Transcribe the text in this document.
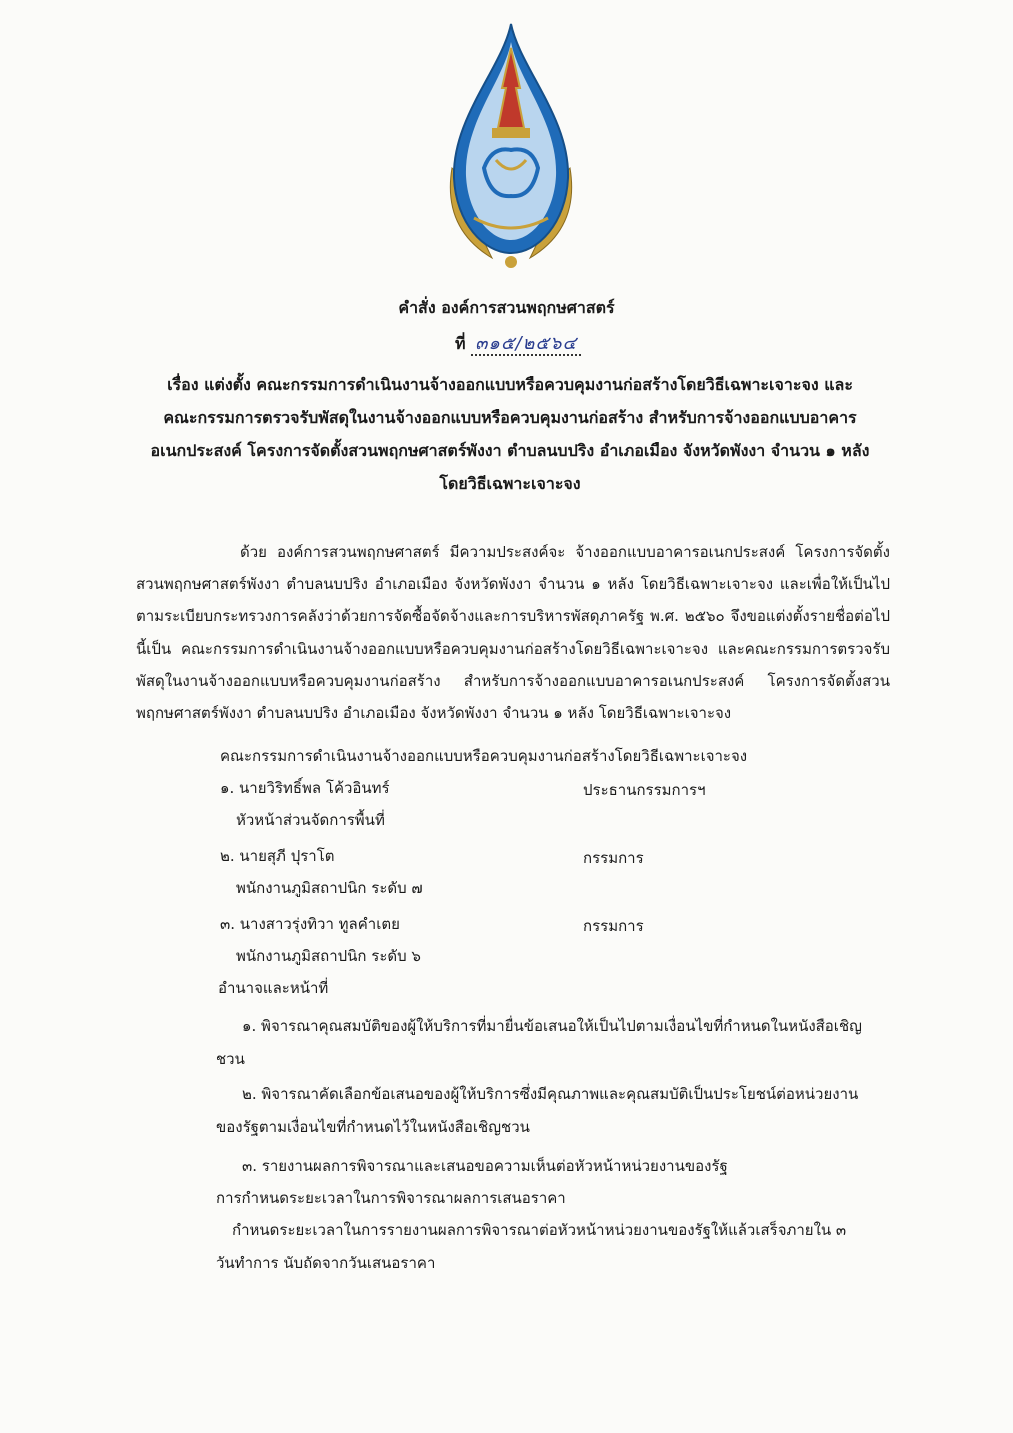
คำสั่ง องค์การสวนพฤกษศาสตร์
ที่ ๓๑๕/๒๕๖๔
เรื่อง แต่งตั้ง คณะกรรมการดำเนินงานจ้างออกแบบหรือควบคุมงานก่อสร้างโดยวิธีเฉพาะเจาะจง และ คณะกรรมการตรวจรับพัสดุในงานจ้างออกแบบหรือควบคุมงานก่อสร้าง สำหรับการจ้างออกแบบอาคาร อเนกประสงค์ โครงการจัดตั้งสวนพฤกษศาสตร์พังงา ตำบลนบปริง อำเภอเมือง จังหวัดพังงา จำนวน ๑ หลัง โดยวิธีเฉพาะเจาะจง
ด้วย องค์การสวนพฤกษศาสตร์ มีความประสงค์จะ จ้างออกแบบอาคารอเนกประสงค์ โครงการจัดตั้งสวนพฤกษศาสตร์พังงา ตำบลนบปริง อำเภอเมือง จังหวัดพังงา จำนวน ๑ หลัง โดยวิธีเฉพาะเจาะจง และเพื่อให้เป็นไปตามระเบียบกระทรวงการคลังว่าด้วยการจัดซื้อจัดจ้างและการบริหารพัสดุภาครัฐ พ.ศ. ๒๕๖๐ จึงขอแต่งตั้งรายชื่อต่อไปนี้เป็น คณะกรรมการดำเนินงานจ้างออกแบบหรือควบคุมงานก่อสร้างโดยวิธีเฉพาะเจาะจง และคณะกรรมการตรวจรับพัสดุในงานจ้างออกแบบหรือควบคุมงานก่อสร้าง สำหรับการจ้างออกแบบอาคารอเนกประสงค์ โครงการจัดตั้งสวนพฤกษศาสตร์พังงา ตำบลนบปริง อำเภอเมือง จังหวัดพังงา จำนวน ๑ หลัง โดยวิธีเฉพาะเจาะจง
คณะกรรมการดำเนินงานจ้างออกแบบหรือควบคุมงานก่อสร้างโดยวิธีเฉพาะเจาะจง
๑. นายวิริทธิ์พล โค้วอินทร์	ประธานกรรมการฯ
หัวหน้าส่วนจัดการพื้นที่
๒. นายสุภี ปุราโต	กรรมการ
พนักงานภูมิสถาปนิก ระดับ ๗
๓. นางสาวรุ่งทิวา ทูลคำเตย	กรรมการ
พนักงานภูมิสถาปนิก ระดับ ๖
อำนาจและหน้าที่
๑. พิจารณาคุณสมบัติของผู้ให้บริการที่มายื่นข้อเสนอให้เป็นไปตามเงื่อนไขที่กำหนดในหนังสือเชิญชวน
๒. พิจารณาคัดเลือกข้อเสนอของผู้ให้บริการซึ่งมีคุณภาพและคุณสมบัติเป็นประโยชน์ต่อหน่วยงานของรัฐตามเงื่อนไขที่กำหนดไว้ในหนังสือเชิญชวน
๓. รายงานผลการพิจารณาและเสนอขอความเห็นต่อหัวหน้าหน่วยงานของรัฐ
การกำหนดระยะเวลาในการพิจารณาผลการเสนอราคา
กำหนดระยะเวลาในการรายงานผลการพิจารณาต่อหัวหน้าหน่วยงานของรัฐให้แล้วเสร็จภายใน ๓ วันทำการ นับถัดจากวันเสนอราคา
